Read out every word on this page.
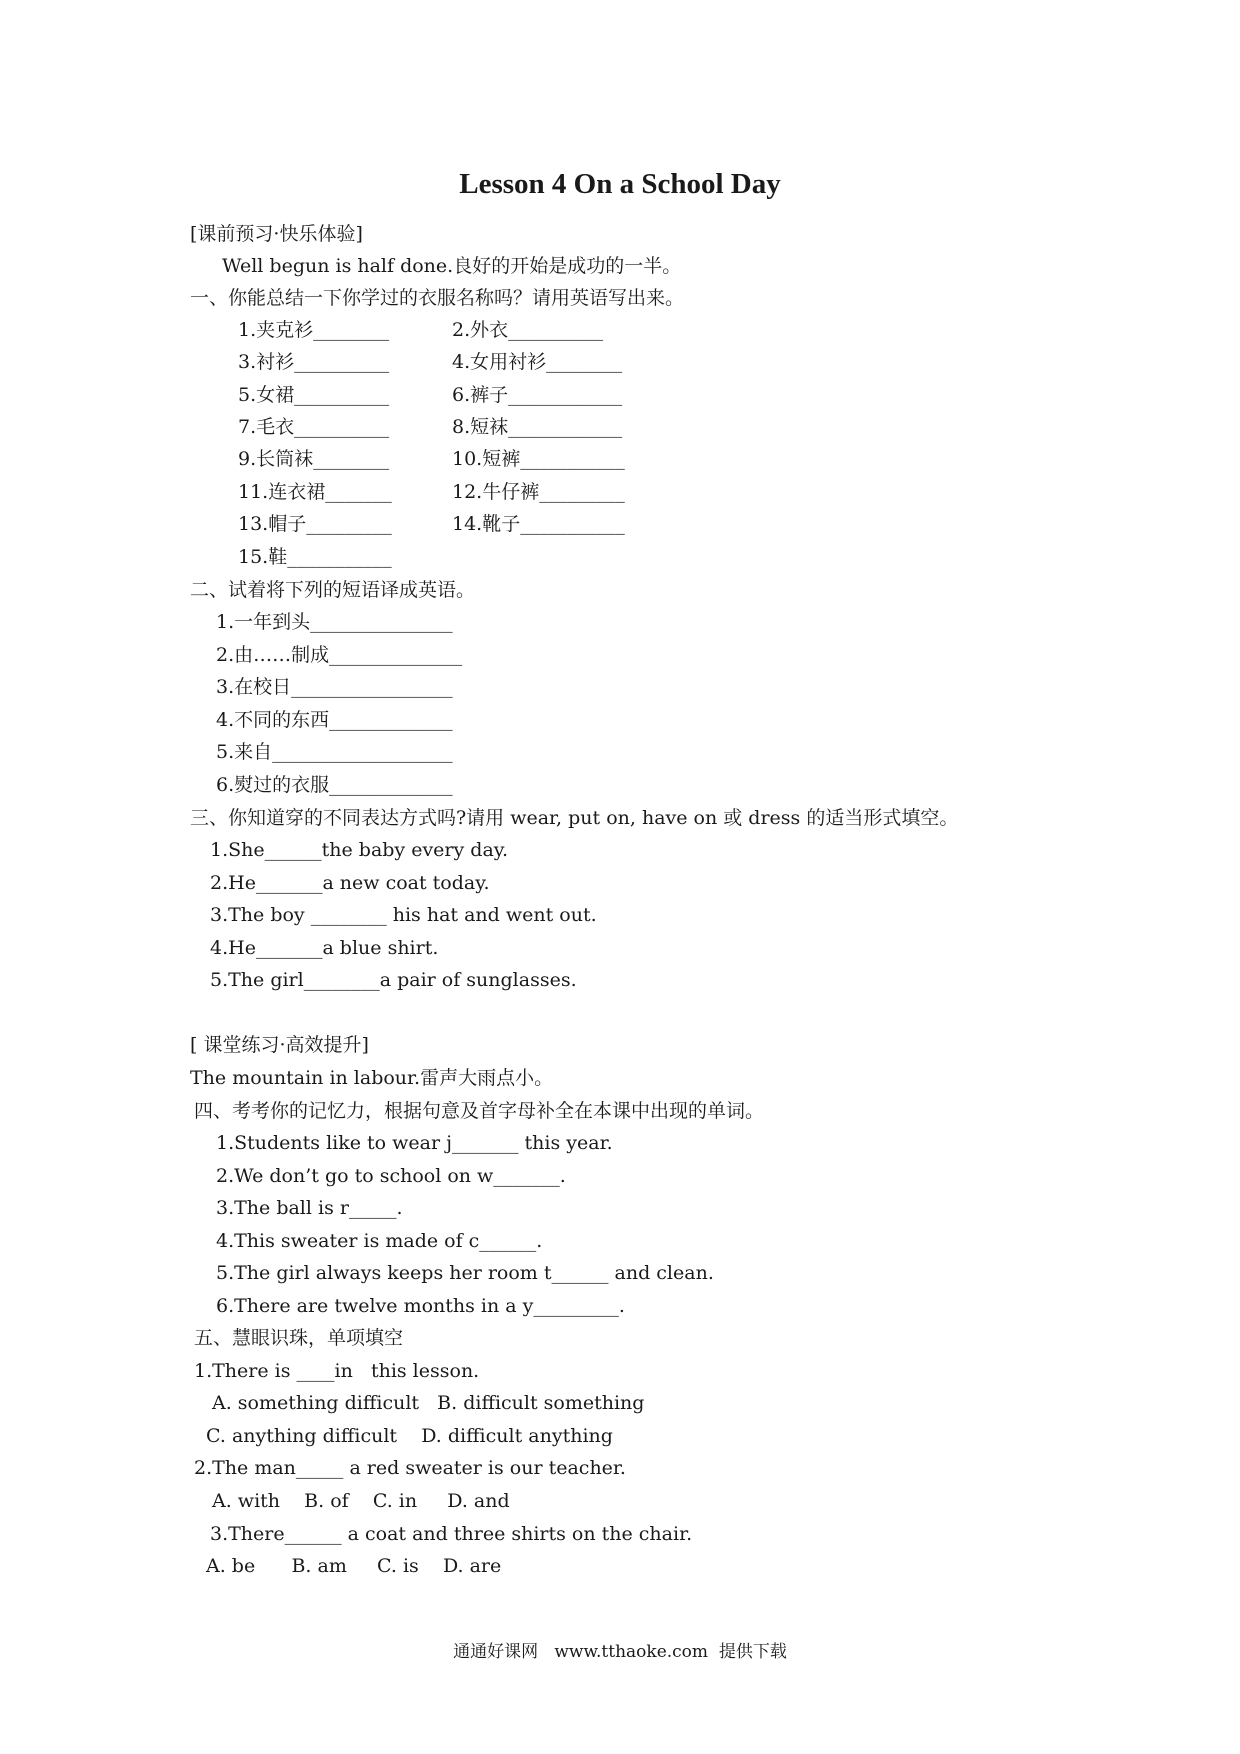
Lesson 4 On a School Day
[课前预习·快乐体验]
Well begun is half done.良好的开始是成功的一半。
一、你能总结一下你学过的衣服名称吗？请用英语写出来。
1.夹克衫________	2.外衣__________
3.衬衫__________	4.女用衬衫________
5.女裙__________	6.裤子____________
7.毛衣__________	8.短袜____________
9.长筒袜________	10.短裤___________
11.连衣裙_______	12.牛仔裤_________
13.帽子_________	14.靴子___________
15.鞋___________
二、试着将下列的短语译成英语。
1.一年到头_______________
2.由……制成______________
3.在校日_________________
4.不同的东西_____________
5.来自___________________
6.熨过的衣服_____________
三、你知道穿的不同表达方式吗?请用 wear, put on, have on 或 dress 的适当形式填空。
1.She______the baby every day.
2.He_______a new coat today.
3.The boy ________ his hat and went out.
4.He_______a blue shirt.
5.The girl________a pair of sunglasses.
[ 课堂练习·高效提升]
The mountain in labour.雷声大雨点小。
四、考考你的记忆力，根据句意及首字母补全在本课中出现的单词。
1.Students like to wear j_______ this year.
2.We don’t go to school on w_______.
3.The ball is r_____.
4.This sweater is made of c______.
5.The girl always keeps her room t______ and clean.
6.There are twelve months in a y_________.
五、慧眼识珠，单项填空
1.There is ____in   this lesson.
A. something difficult   B. difficult something
C. anything difficult    D. difficult anything
2.The man_____ a red sweater is our teacher.
A. with    B. of    C. in     D. and
3.There______ a coat and three shirts on the chair.
A. be      B. am     C. is    D. are
通通好课网   www.tthaoke.com  提供下载
